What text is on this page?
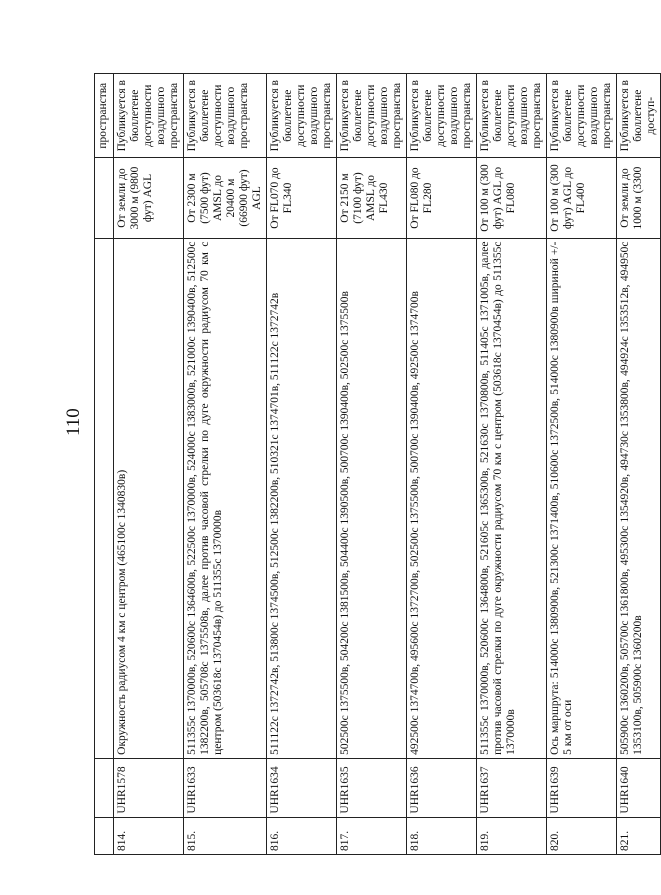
110
				пространства
814.	UHR1578	Окружность радиусом 4 км с центром (465100с 1340830в)	От земли до 3000 м (9800 фут) AGL	Публикуется в бюллетене доступности воздушного пространства
815.	UHR1633	511355с 1370000в, 520600с 1364600в, 522500с 1370000в, 524000с 1383000в, 521000с 1390400в, 512500с 1382200в, 505708с 1375508в, далее против часовой стрелки по дуге окружности радиусом 70 км с центром (503618с 1370454в) до 511355с 1370000в	От 2300 м (7500 фут) AMSL до 20400 м (66900 фут) AGL	Публикуется в бюллетене доступности воздушного пространства
816.	UHR1634	511122с 1372742в, 513800с 1374500в, 512500с 1382200в, 510321с 1374701в, 511122с 1372742в	От FL070 до FL340	Публикуется в бюллетене доступности воздушного пространства
817.	UHR1635	502500с 1375500в, 504200с 1381500в, 504400с 1390500в, 500700с 1390400в, 502500с 1375500в	От 2150 м (7100 фут) AMSL до FL430	Публикуется в бюллетене доступности воздушного пространства
818.	UHR1636	492500с 1374700в, 495600с 1372700в, 502500с 1375500в, 500700с 1390400в, 492500с 1374700в	От FL080 до FL280	Публикуется в бюллетене доступности воздушного пространства
819.	UHR1637	511355с 1370000в, 520600с 1364800в, 521605с 1365300в, 521630с 1370800в, 511405с 1371005в, далее против часовой стрелки по дуге окружности радиусом 70 км с центром (503618с 1370454в) до 511355с 1370000в	От 100 м (300 фут) AGL до FL080	Публикуется в бюллетене доступности воздушного пространства
820.	UHR1639	Ось маршрута: 514000с 1380900в, 521300с 1371400в, 510600с 1372500в, 514000с 1380900в шириной +/- 5 км от оси	От 100 м (300 фут) AGL до FL400	Публикуется в бюллетене доступности воздушного пространства
821.	UHR1640	505900с 1360200в, 505700с 1361800в, 495300с 1354920в, 494730с 1353800в, 494924с 1353512в, 494950с 1353100в, 505900с 1360200в	От земли до 1000 м (3300	Публикуется в бюллетене доступ-
